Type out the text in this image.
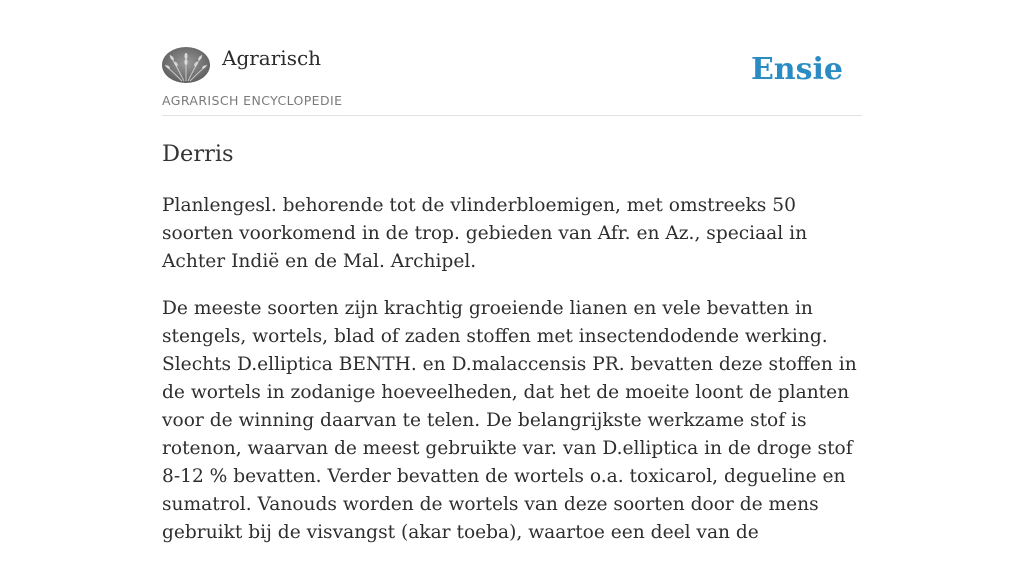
Agrarisch
AGRARISCH ENCYCLOPEDIE
Ensie
Derris

Planlengesl. behorende tot de vlinderbloemigen, met omstreeks 50 soorten voorkomend in de trop. gebieden van Afr. en Az., speciaal in Achter Indië en de Mal. Archipel.

De meeste soorten zijn krachtig groeiende lianen en vele bevatten in stengels, wortels, blad of zaden stoffen met insectendodende werking. Slechts D.elliptica BENTH. en D.malaccensis PR. bevatten deze stoffen in de wortels in zodanige hoeveelheden, dat het de moeite loont de planten voor de winning daarvan te telen. De belangrijkste werkzame stof is rotenon, waarvan de meest gebruikte var. van D.elliptica in de droge stof 8-12 % bevatten. Verder bevatten de wortels o.a. toxicarol, degueline en sumatrol. Vanouds worden de wortels van deze soorten door de mens gebruikt bij de visvangst (akar toeba), waartoe een deel van de
